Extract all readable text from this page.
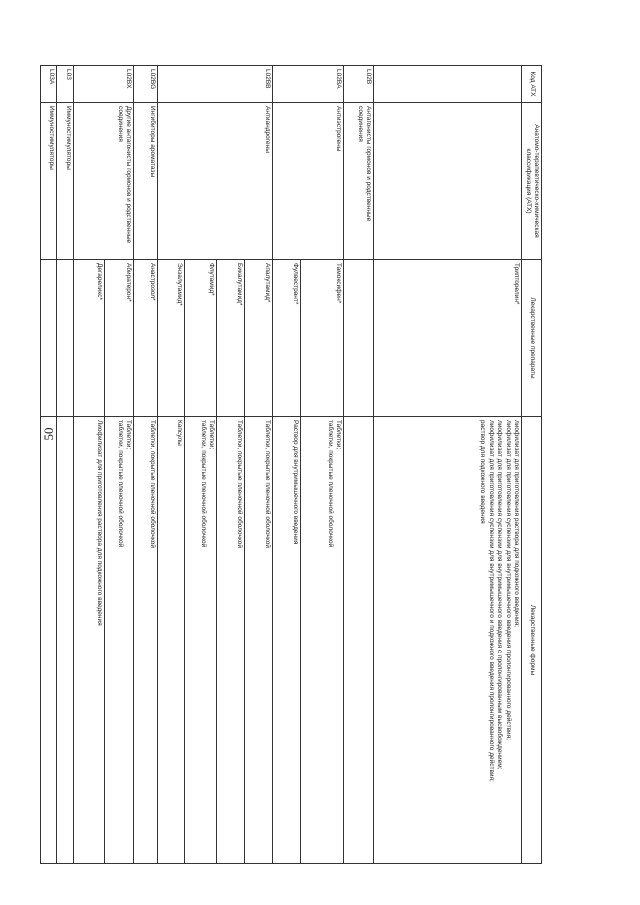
50
Код АТХ	Анатомо-терапевтическо-химическая классификация (АТХ)	Лекарственные препараты	Лекарственные формы
		Трипторелин*	лиофилизат для приготовления раствора для подкожного введения;
лиофилизат для приготовления суспензии для внутримышечного введения пролонгированного действия;
лиофилизат для приготовления суспензии для внутримышечного введения с пролонгированным высвобождением;
лиофилизат для приготовления суспензии для внутримышечного и подкожного введения пролонгированного действия;
раствор для подкожного введения
L02B	Антагонисты гормонов и родственные соединения		
L02BA	Антиэстрогены	Тамоксифен*	Таблетки;
таблетки, покрытые пленочной оболочкой
		Фулвестрант*	Раствор для внутримышечного введения
L02BB	Антиандрогены	Апалутамид*	Таблетки, покрытые пленочной оболочкой
		Бикалутамид*	Таблетки, покрытые пленочной оболочкой
		Флутамид*	Таблетки;
таблетки, покрытые пленочной оболочкой
		Энзалутамид*	Капсулы
L02BG	Ингибиторы ароматазы	Анастрозол*	Таблетки, покрытые пленочной оболочкой
L02BX	Другие антагонисты гормонов и родственные соединения	Абиратерон*	Таблетки;
таблетки, покрытые пленочной оболочкой
		Дегареликс*	Лиофилизат для приготовления раствора для подкожного введения
L03	Иммуностимуляторы		
L03A	Иммуностимуляторы		
